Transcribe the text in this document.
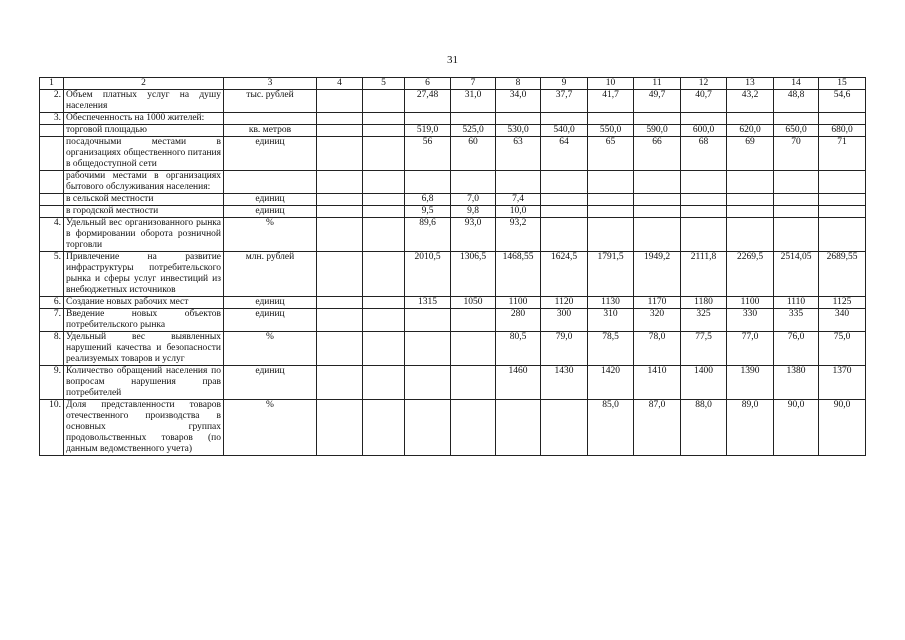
31
1	2	3	4	5	6	7	8	9	10	11	12	13	14	15
2.	Объем платных услуг на душу населения	тыс. рублей			27,48	31,0	34,0	37,7	41,7	49,7	40,7	43,2	48,8	54,6
3.	Обеспеченность на 1000 жителей:													
	торговой площадью	кв. метров			519,0	525,0	530,0	540,0	550,0	590,0	600,0	620,0	650,0	680,0
	посадочными местами в организациях общественного питания в общедоступной сети	единиц			56	60	63	64	65	66	68	69	70	71
	рабочими местами в организациях бытового обслуживания населения:													
	в сельской местности	единиц			6,8	7,0	7,4							
	в городской местности	единиц			9,5	9,8	10,0							
4.	Удельный вес организованного рынка в формировании оборота розничной торговли	%			89,6	93,0	93,2							
5.	Привлечение на развитие инфраструктуры потребительского рынка и сферы услуг инвестиций из внебюджетных источников	млн. рублей			2010,5	1306,5	1468,55	1624,5	1791,5	1949,2	2111,8	2269,5	2514,05	2689,55
6.	Создание новых рабочих мест	единиц			1315	1050	1100	1120	1130	1170	1180	1100	1110	1125
7.	Введение новых объектов потребительского рынка	единиц					280	300	310	320	325	330	335	340
8.	Удельный вес выявленных нарушений качества и безопасности реализуемых товаров и услуг	%					80,5	79,0	78,5	78,0	77,5	77,0	76,0	75,0
9.	Количество обращений населения по вопросам нарушения прав потребителей	единиц					1460	1430	1420	1410	1400	1390	1380	1370
10.	Доля представленности товаров отечественного производства в основных группах продовольственных товаров (по данным ведомственного учета)	%							85,0	87,0	88,0	89,0	90,0	90,0
